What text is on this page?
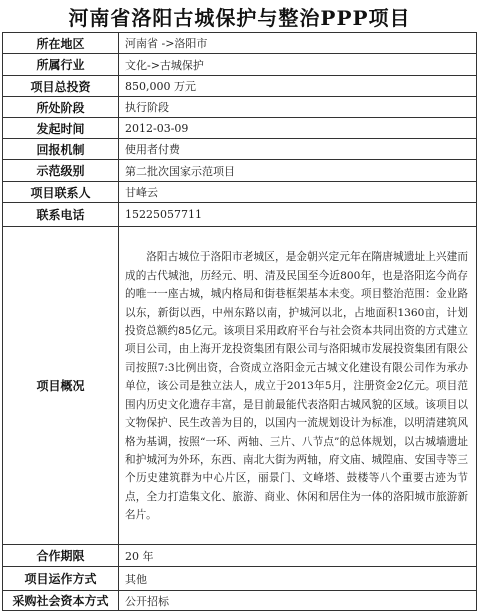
河南省洛阳古城保护与整治PPP项目
所在地区	河南省 ->洛阳市
所属行业	文化->古城保护
项目总投资	850,000 万元
所处阶段	执行阶段
发起时间	2012-03-09
回报机制	使用者付费
示范级别	第二批次国家示范项目
项目联系人	甘峰云
联系电话	15225057711
项目概况	洛阳古城位于洛阳市老城区，是金朝兴定元年在隋唐城遗址上兴建而成的古代城池，历经元、明、清及民国至今近800年，也是洛阳迄今尚存的唯一一座古城，城内格局和街巷框架基本未变。项目整治范围：金业路以东，新街以西，中州东路以南，护城河以北，占地面积1360亩，计划投资总额约85亿元。该项目采用政府平台与社会资本共同出资的方式建立项目公司，由上海开龙投资集团有限公司与洛阳城市发展投资集团有限公司按照7:3比例出资，合资成立洛阳金元古城文化建设有限公司作为承办单位，该公司是独立法人，成立于2013年5月，注册资金2亿元。项目范围内历史文化遗存丰富，是目前最能代表洛阳古城风貌的区域。该项目以文物保护、民生改善为目的，以国内一流规划设计为标准，以明清建筑风格为基调，按照“一环、两轴、三片、八节点”的总体规划，以古城墙遗址和护城河为外环，东西、南北大街为两轴，府文庙、城隍庙、安国寺等三个历史建筑群为中心片区，丽景门、文峰塔、鼓楼等八个重要古迹为节点，全力打造集文化、旅游、商业、休闲和居住为一体的洛阳城市旅游新名片。

合作期限	20 年
项目运作方式	其他
采购社会资本方式	公开招标
